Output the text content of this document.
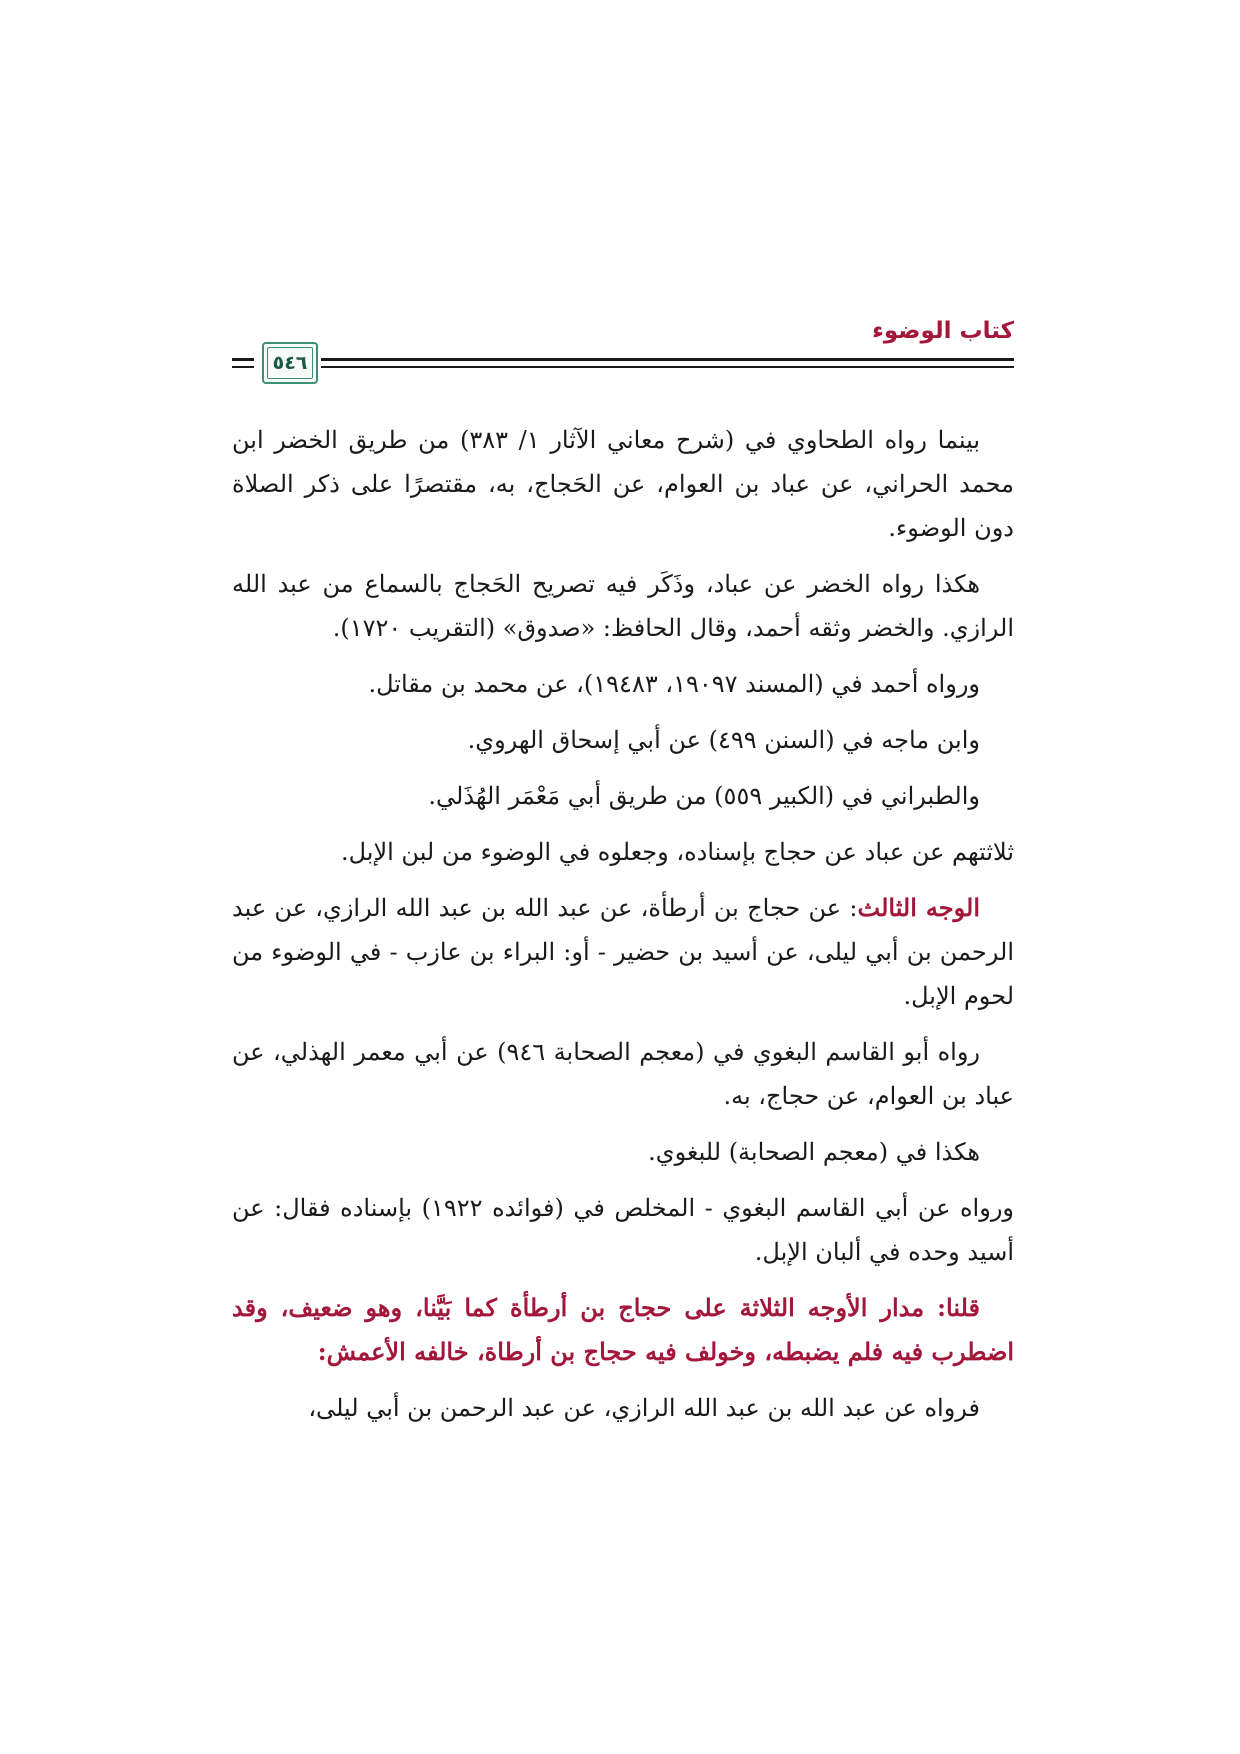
كتاب الوضوء
٥٤٦

بينما رواه الطحاوي في (شرح معاني الآثار ١/ ٣٨٣) من طريق الخضر ابن محمد الحراني، عن عباد بن العوام، عن الحَجاج، به، مقتصرًا على ذكر الصلاة دون الوضوء.

هكذا رواه الخضر عن عباد، وذَكَر فيه تصريح الحَجاج بالسماع من عبد الله الرازي. والخضر وثقه أحمد، وقال الحافظ: «صدوق» (التقريب ١٧٢٠).

ورواه أحمد في (المسند ١٩٠٩٧، ١٩٤٨٣)، عن محمد بن مقاتل.

وابن ماجه في (السنن ٤٩٩) عن أبي إسحاق الهروي.

والطبراني في (الكبير ٥٥٩) من طريق أبي مَعْمَر الهُذَلي.

ثلاثتهم عن عباد عن حجاج بإسناده، وجعلوه في الوضوء من لبن الإبل.

الوجه الثالث: عن حجاج بن أرطأة، عن عبد الله بن عبد الله الرازي، عن عبد الرحمن بن أبي ليلى، عن أسيد بن حضير - أو: البراء بن عازب - في الوضوء من لحوم الإبل.

رواه أبو القاسم البغوي في (معجم الصحابة ٩٤٦) عن أبي معمر الهذلي، عن عباد بن العوام، عن حجاج، به.

هكذا في (معجم الصحابة) للبغوي.

ورواه عن أبي القاسم البغوي - المخلص في (فوائده ١٩٢٢) بإسناده فقال: عن أسيد وحده في ألبان الإبل.

قلنا: مدار الأوجه الثلاثة على حجاج بن أرطأة كما بَيَّنا، وهو ضعيف، وقد اضطرب فيه فلم يضبطه، وخولف فيه حجاج بن أرطاة، خالفه الأعمش:

فرواه عن عبد الله بن عبد الله الرازي، عن عبد الرحمن بن أبي ليلى،
